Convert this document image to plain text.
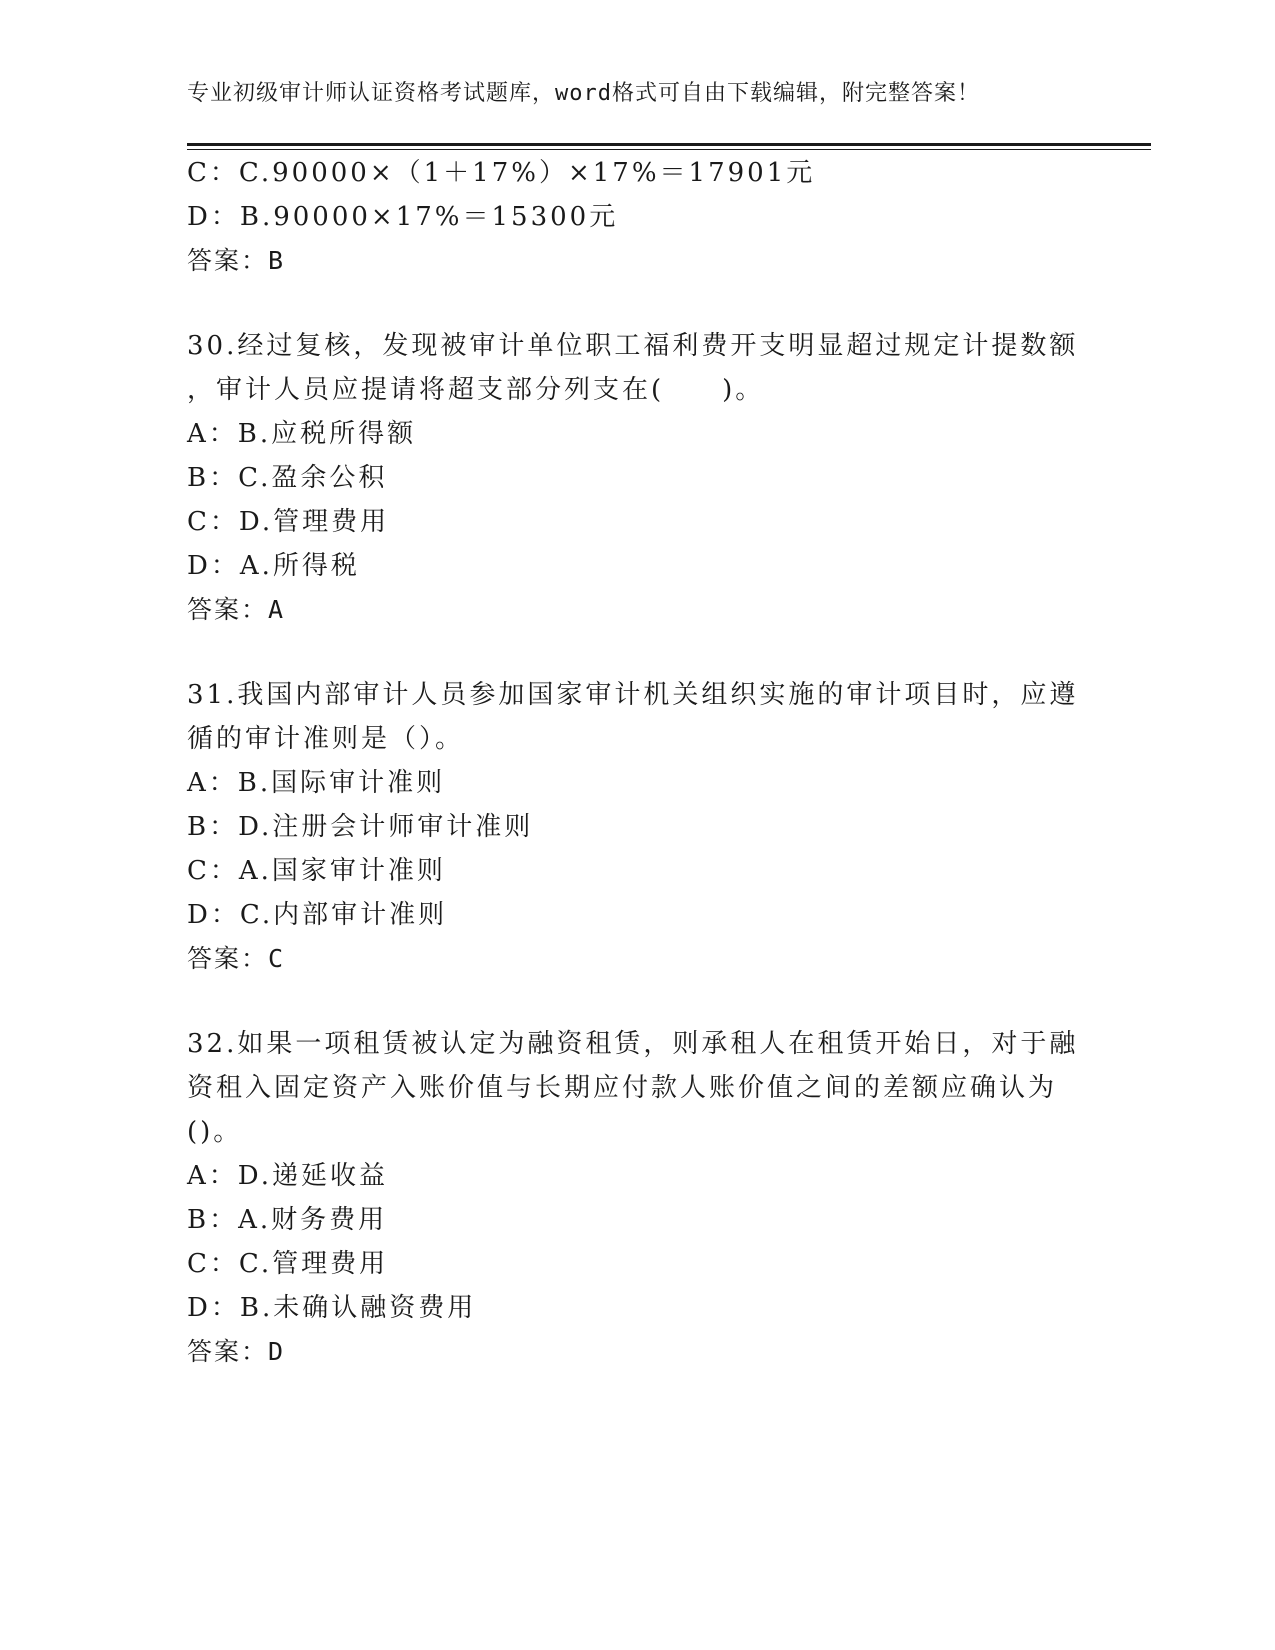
专业初级审计师认证资格考试题库，word格式可自由下载编辑，附完整答案！
C：C.90000×（1＋17%）×17%＝17901元
D：B.90000×17%＝15300元
答案：B
30.经过复核，发现被审计单位职工福利费开支明显超过规定计提数额
，审计人员应提请将超支部分列支在(　　)。
A：B.应税所得额
B：C.盈余公积
C：D.管理费用
D：A.所得税
答案：A
31.我国内部审计人员参加国家审计机关组织实施的审计项目时，应遵
循的审计准则是（）。
A：B.国际审计准则
B：D.注册会计师审计准则
C：A.国家审计准则
D：C.内部审计准则
答案：C
32.如果一项租赁被认定为融资租赁，则承租人在租赁开始日，对于融
资租入固定资产入账价值与长期应付款人账价值之间的差额应确认为
()。
A：D.递延收益
B：A.财务费用
C：C.管理费用
D：B.未确认融资费用
答案：D
